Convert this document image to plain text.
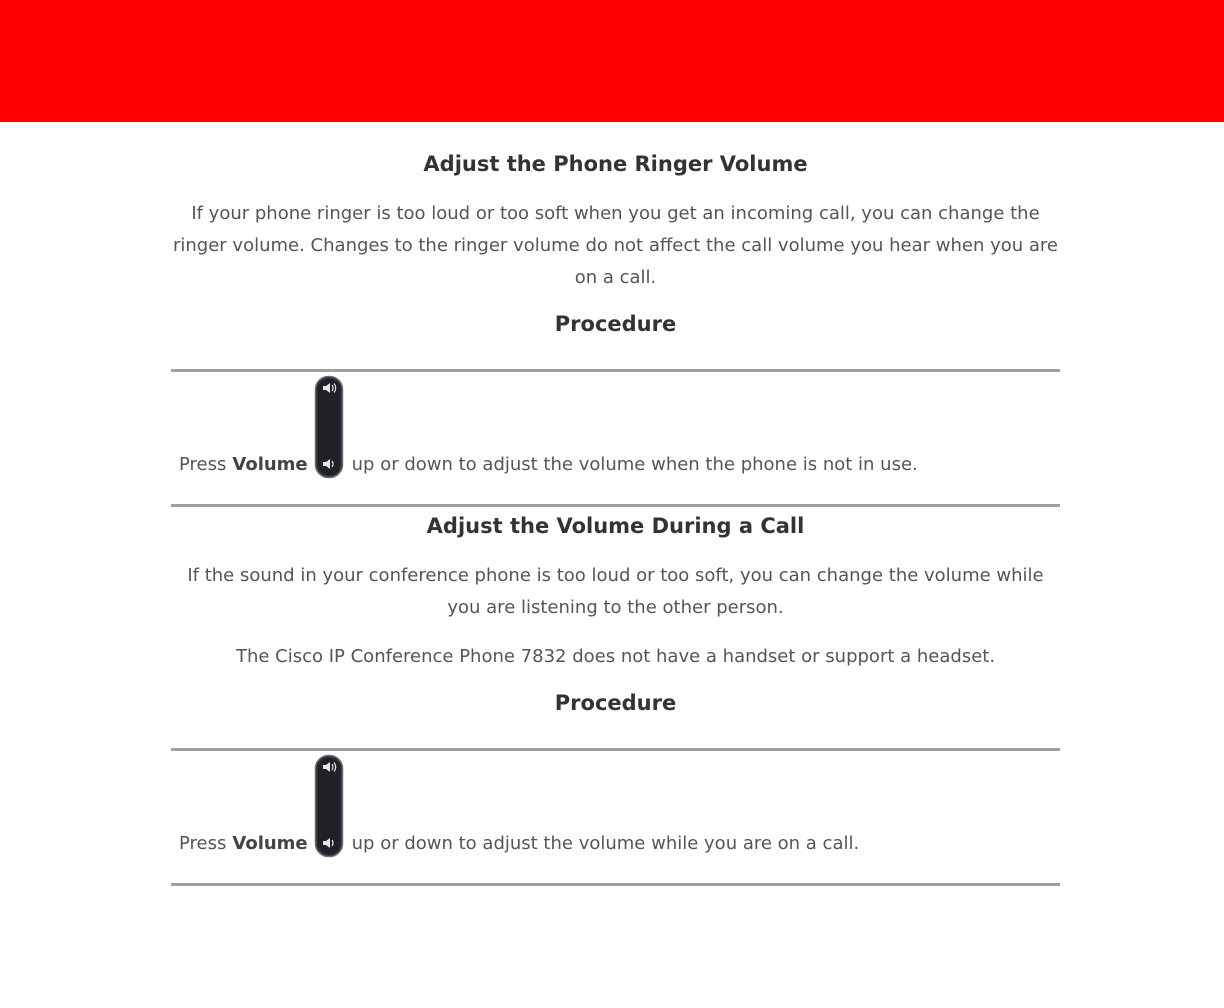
Adjust the Phone Ringer Volume

If your phone ringer is too loud or too soft when you get an incoming call, you can change the ringer volume. Changes to the ringer volume do not affect the call volume you hear when you are on a call.

Procedure
Press Volume up or down to adjust the volume when the phone is not in use.
Adjust the Volume During a Call

If the sound in your conference phone is too loud or too soft, you can change the volume while you are listening to the other person.

The Cisco IP Conference Phone 7832 does not have a handset or support a headset.

Procedure
Press Volume up or down to adjust the volume while you are on a call.
